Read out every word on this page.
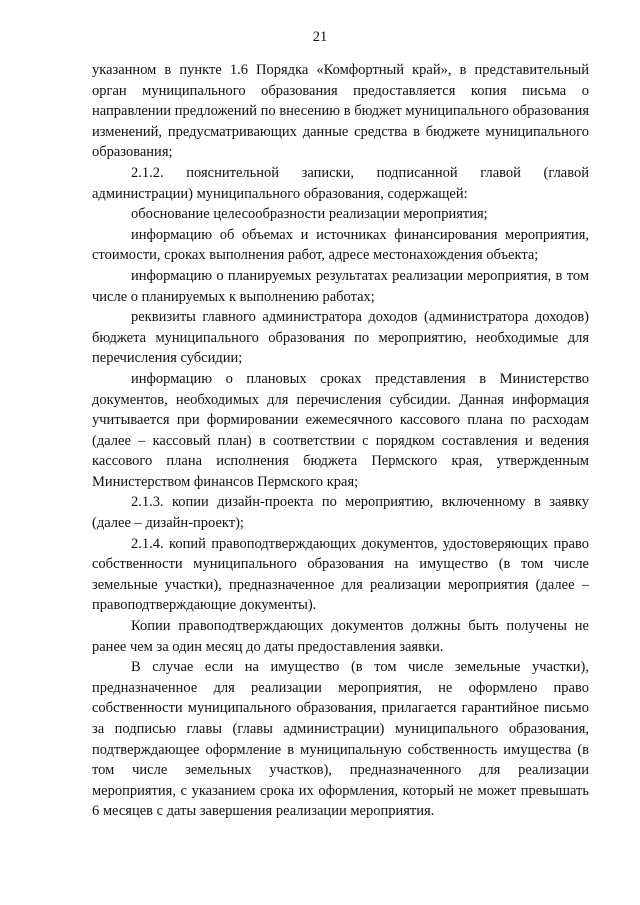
21

указанном в пункте 1.6 Порядка «Комфортный край», в представительный орган муниципального образования предоставляется копия письма о направлении предложений по внесению в бюджет муниципального образования изменений, предусматривающих данные средства в бюджете муниципального образования;

2.1.2. пояснительной записки, подписанной главой (главой администрации) муниципального образования, содержащей:

обоснование целесообразности реализации мероприятия;

информацию об объемах и источниках финансирования мероприятия, стоимости, сроках выполнения работ, адресе местонахождения объекта;

информацию о планируемых результатах реализации мероприятия, в том числе о планируемых к выполнению работах;

реквизиты главного администратора доходов (администратора доходов) бюджета муниципального образования по мероприятию, необходимые для перечисления субсидии;

информацию о плановых сроках представления в Министерство документов, необходимых для перечисления субсидии. Данная информация учитывается при формировании ежемесячного кассового плана по расходам (далее – кассовый план) в соответствии с порядком составления и ведения кассового плана исполнения бюджета Пермского края, утвержденным Министерством финансов Пермского края;

2.1.3. копии дизайн-проекта по мероприятию, включенному в заявку (далее – дизайн-проект);

2.1.4. копий правоподтверждающих документов, удостоверяющих право собственности муниципального образования на имущество (в том числе земельные участки), предназначенное для реализации мероприятия (далее – правоподтверждающие документы).

Копии правоподтверждающих документов должны быть получены не ранее чем за один месяц до даты предоставления заявки.

В случае если на имущество (в том числе земельные участки), предназначенное для реализации мероприятия, не оформлено право собственности муниципального образования, прилагается гарантийное письмо за подписью главы (главы администрации) муниципального образования, подтверждающее оформление в муниципальную собственность имущества (в том числе земельных участков), предназначенного для реализации мероприятия, с указанием срока их оформления, который не может превышать 6 месяцев с даты завершения реализации мероприятия.
